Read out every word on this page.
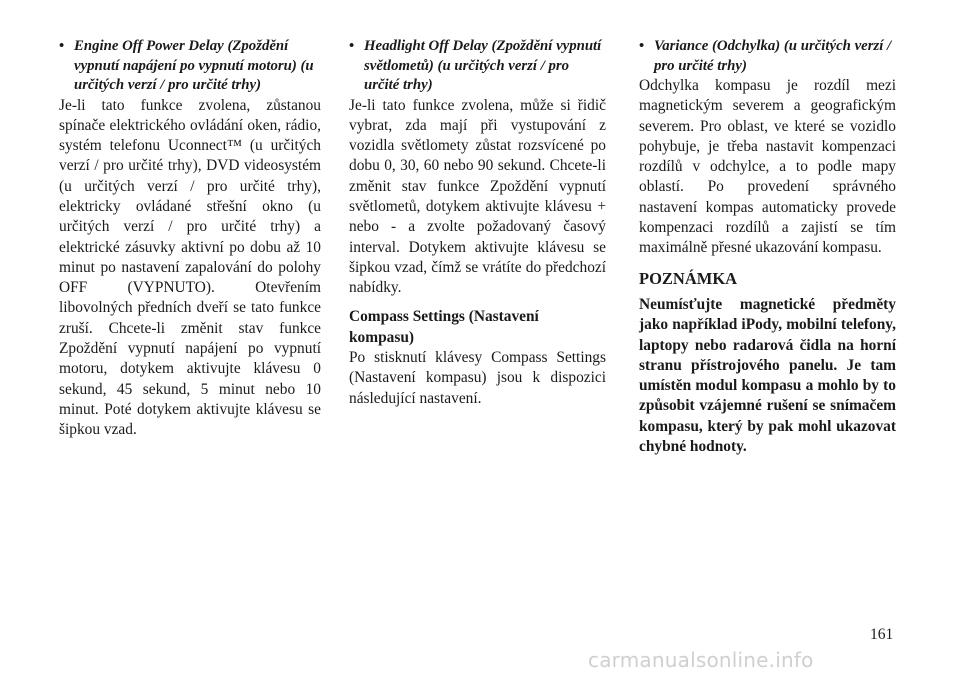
• Engine Off Power Delay (Zpoždění vypnutí napájení po vypnutí motoru) (u určitých verzí / pro určité trhy)

Je-li tato funkce zvolena, zůstanou spínače elektrického ovládání oken, rádio, systém telefonu Uconnect™ (u určitých verzí / pro určité trhy), DVD videosystém (u určitých verzí / pro určité trhy), elektricky ovládané střešní okno (u určitých verzí / pro určité trhy) a elektrické zásuvky aktivní po dobu až 10 minut po nastavení zapalování do polohy OFF (VYPNUTO). Otevřením libovolných předních dveří se tato funkce zruší. Chcete-li změnit stav funkce Zpoždění vypnutí napájení po vypnutí motoru, dotykem aktivujte klávesu 0 sekund, 45 sekund, 5 minut nebo 10 minut. Poté dotykem aktivujte klávesu se šipkou vzad.

• Headlight Off Delay (Zpoždění vypnutí světlometů) (u určitých verzí / pro určité trhy)

Je-li tato funkce zvolena, může si řidič vybrat, zda mají při vystupování z vozidla světlomety zůstat rozsvícené po dobu 0, 30, 60 nebo 90 sekund. Chcete-li změnit stav funkce Zpoždění vypnutí světlometů, dotykem aktivujte klávesu + nebo - a zvolte požadovaný časový interval. Dotykem aktivujte klávesu se šipkou vzad, čímž se vrátíte do předchozí nabídky.

Compass Settings (Nastavení kompasu)

Po stisknutí klávesy Compass Settings (Nastavení kompasu) jsou k dispozici následující nastavení.

• Variance (Odchylka) (u určitých verzí / pro určité trhy)

Odchylka kompasu je rozdíl mezi magnetickým severem a geografickým severem. Pro oblast, ve které se vozidlo pohybuje, je třeba nastavit kompenzaci rozdílů v odchylce, a to podle mapy oblastí. Po provedení správného nastavení kompas automaticky provede kompenzaci rozdílů a zajistí se tím maximálně přesné ukazování kompasu.

POZNÁMKA

Neumísťujte magnetické předměty jako například iPody, mobilní telefony, laptopy nebo radarová čidla na horní stranu přístrojového panelu. Je tam umístěn modul kompasu a mohlo by to způsobit vzájemné rušení se snímačem kompasu, který by pak mohl ukazovat chybné hodnoty.

161
carmanualsonline.info
